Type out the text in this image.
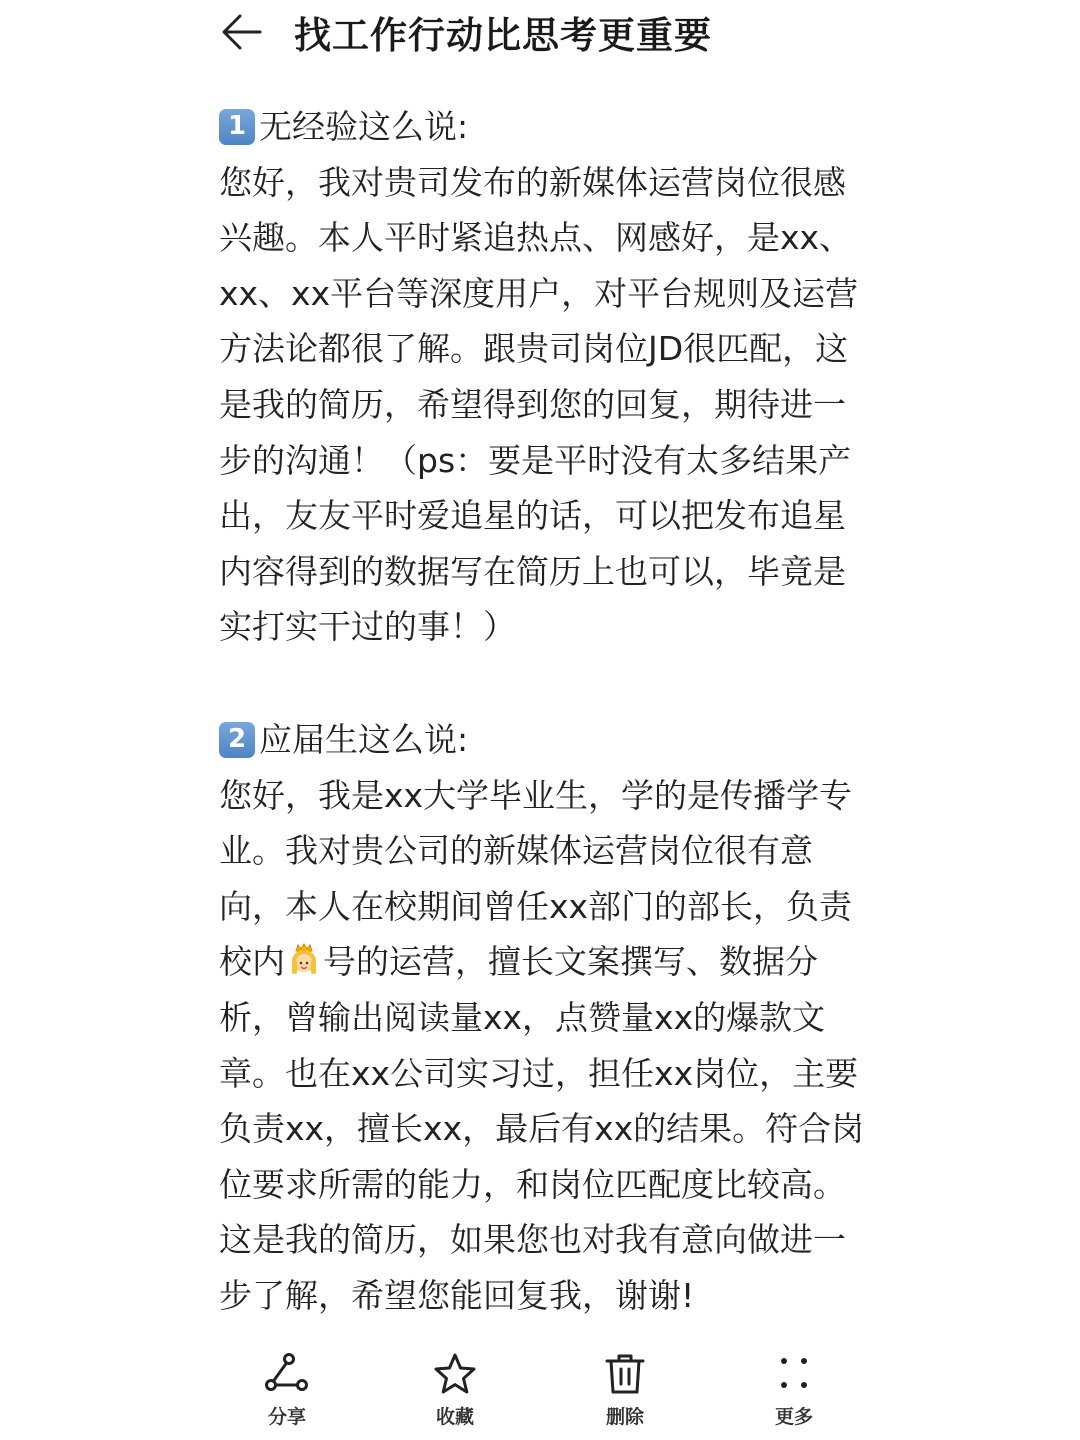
找工作行动比思考更重要
1 无经验这么说:
您好，我对贵司发布的新媒体运营岗位很感
兴趣。本人平时紧追热点、网感好，是xx、
xx、xx平台等深度用户，对平台规则及运营
方法论都很了解。跟贵司岗位JD很匹配，这
是我的简历，希望得到您的回复，期待进一
步的沟通！（ps：要是平时没有太多结果产
出，友友平时爱追星的话，可以把发布追星
内容得到的数据写在简历上也可以，毕竟是
实打实干过的事！）
2 应届生这么说:
您好，我是xx大学毕业生，学的是传播学专
业。我对贵公司的新媒体运营岗位很有意
向，本人在校期间曾任xx部门的部长，负责
校内 号的运营，擅长文案撰写、数据分
析，曾输出阅读量xx，点赞量xx的爆款文
章。也在xx公司实习过，担任xx岗位，主要
负责xx，擅长xx，最后有xx的结果。符合岗
位要求所需的能力，和岗位匹配度比较高。
这是我的简历，如果您也对我有意向做进一
步了解，希望您能回复我，谢谢!
分享	收藏	删除	更多
